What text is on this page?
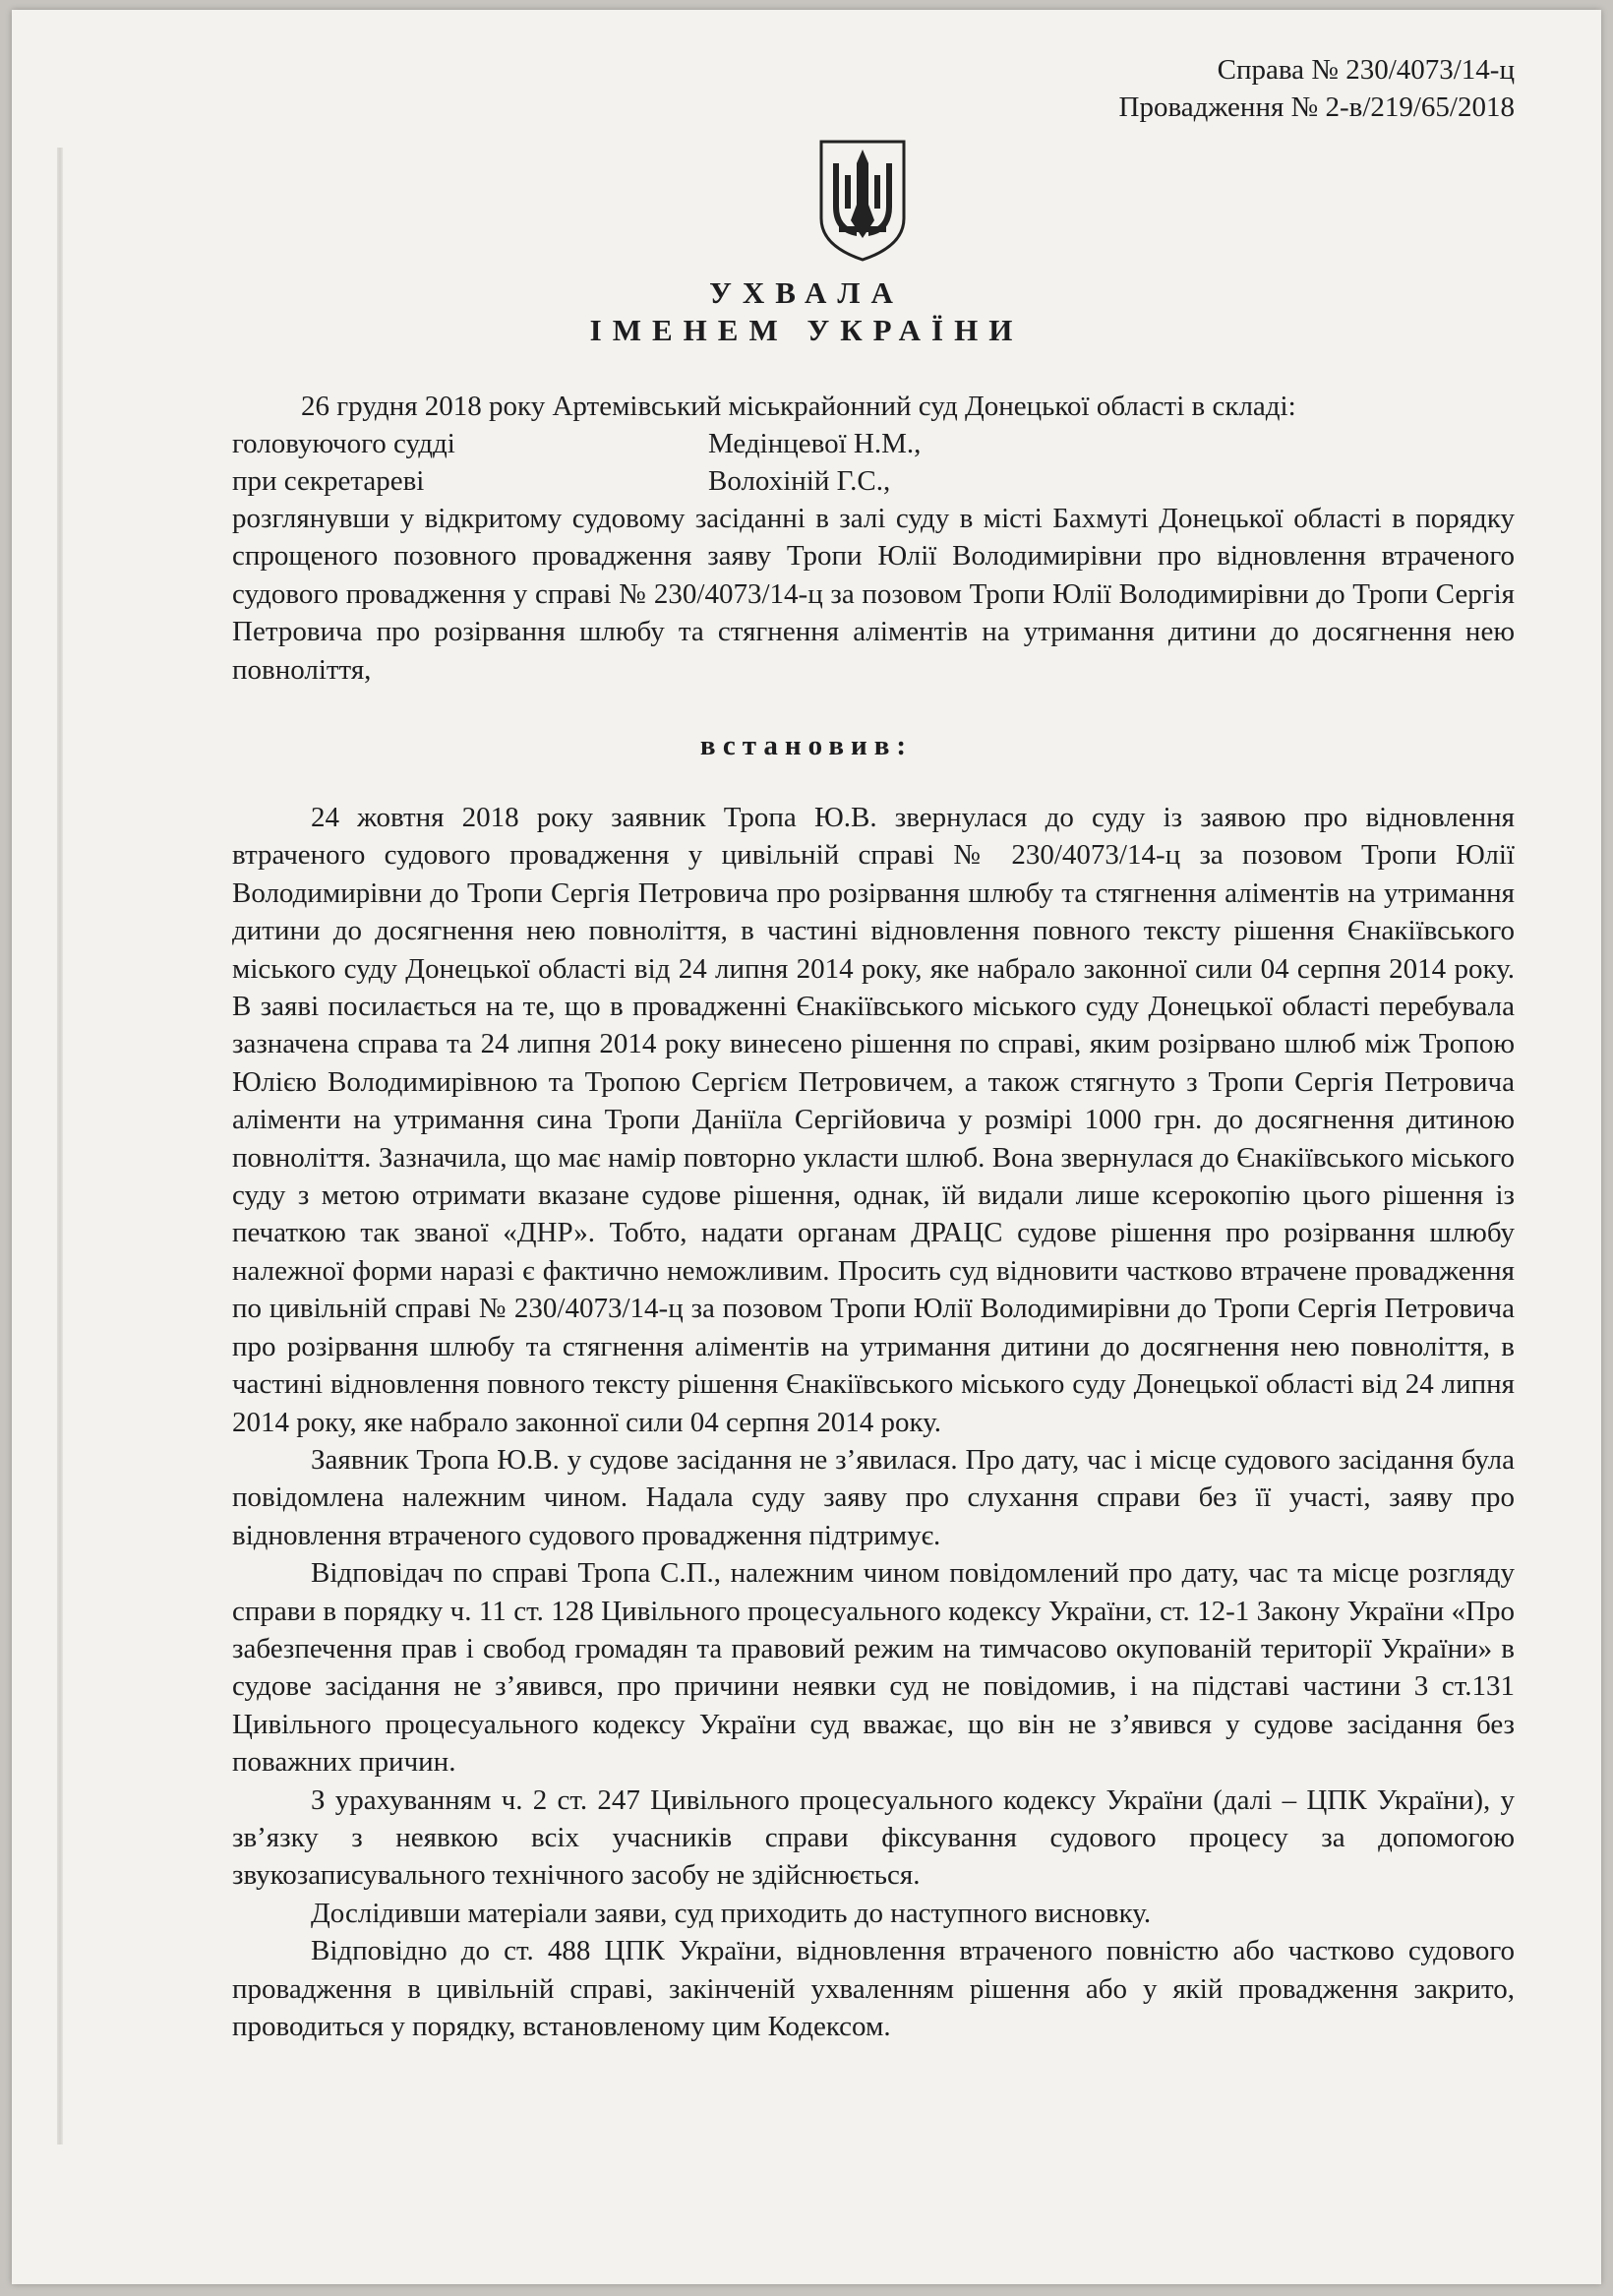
Справа № 230/4073/14-ц
Провадження № 2-в/219/65/2018
УХВАЛА
ІМЕНЕМ УКРАЇНИ
26 грудня 2018 року Артемівський міськрайонний суд Донецької області в складі:
головуючого судді	Медінцевої Н.М.,
при секретареві	Волохіній Г.С.,

розглянувши у відкритому судовому засіданні в залі суду в місті Бахмуті Донецької області в порядку спрощеного позовного провадження заяву Тропи Юлії Володимирівни про відновлення втраченого судового провадження у справі № 230/4073/14-ц за позовом Тропи Юлії Володимирівни до Тропи Сергія Петровича про розірвання шлюбу та стягнення аліментів на утримання дитини до досягнення нею повноліття,

встановив:

24 жовтня 2018 року заявник Тропа Ю.В. звернулася до суду із заявою про відновлення втраченого судового провадження у цивільній справі № 230/4073/14-ц за позовом Тропи Юлії Володимирівни до Тропи Сергія Петровича про розірвання шлюбу та стягнення аліментів на утримання дитини до досягнення нею повноліття, в частині відновлення повного тексту рішення Єнакіївського міського суду Донецької області від 24 липня 2014 року, яке набрало законної сили 04 серпня 2014 року. В заяві посилається на те, що в провадженні Єнакіївського міського суду Донецької області перебувала зазначена справа та 24 липня 2014 року винесено рішення по справі, яким розірвано шлюб між Тропою Юлією Володимирівною та Тропою Сергієм Петровичем, а також стягнуто з Тропи Сергія Петровича аліменти на утримання сина Тропи Даніїла Сергійовича у розмірі 1000 грн. до досягнення дитиною повноліття. Зазначила, що має намір повторно укласти шлюб. Вона звернулася до Єнакіївського міського суду з метою отримати вказане судове рішення, однак, їй видали лише ксерокопію цього рішення із печаткою так званої «ДНР». Тобто, надати органам ДРАЦС судове рішення про розірвання шлюбу належної форми наразі є фактично неможливим. Просить суд відновити частково втрачене провадження по цивільній справі № 230/4073/14-ц за позовом Тропи Юлії Володимирівни до Тропи Сергія Петровича про розірвання шлюбу та стягнення аліментів на утримання дитини до досягнення нею повноліття, в частині відновлення повного тексту рішення Єнакіївського міського суду Донецької області від 24 липня 2014 року, яке набрало законної сили 04 серпня 2014 року.

Заявник Тропа Ю.В. у судове засідання не з’явилася. Про дату, час і місце судового засідання була повідомлена належним чином. Надала суду заяву про слухання справи без її участі, заяву про відновлення втраченого судового провадження підтримує.

Відповідач по справі Тропа С.П., належним чином повідомлений про дату, час та місце розгляду справи в порядку ч. 11 ст. 128 Цивільного процесуального кодексу України, ст. 12-1 Закону України «Про забезпечення прав і свобод громадян та правовий режим на тимчасово окупованій території України» в судове засідання не з’явився, про причини неявки суд не повідомив, і на підставі частини 3 ст.131 Цивільного процесуального кодексу України суд вважає, що він не з’явився у судове засідання без поважних причин.

З урахуванням ч. 2 ст. 247 Цивільного процесуального кодексу України (далі – ЦПК України), у зв’язку з неявкою всіх учасників справи фіксування судового процесу за допомогою звукозаписувального технічного засобу не здійснюється.

Дослідивши матеріали заяви, суд приходить до наступного висновку.

Відповідно до ст. 488 ЦПК України, відновлення втраченого повністю або частково судового провадження в цивільній справі, закінченій ухваленням рішення або у якій провадження закрито, проводиться у порядку, встановленому цим Кодексом.
